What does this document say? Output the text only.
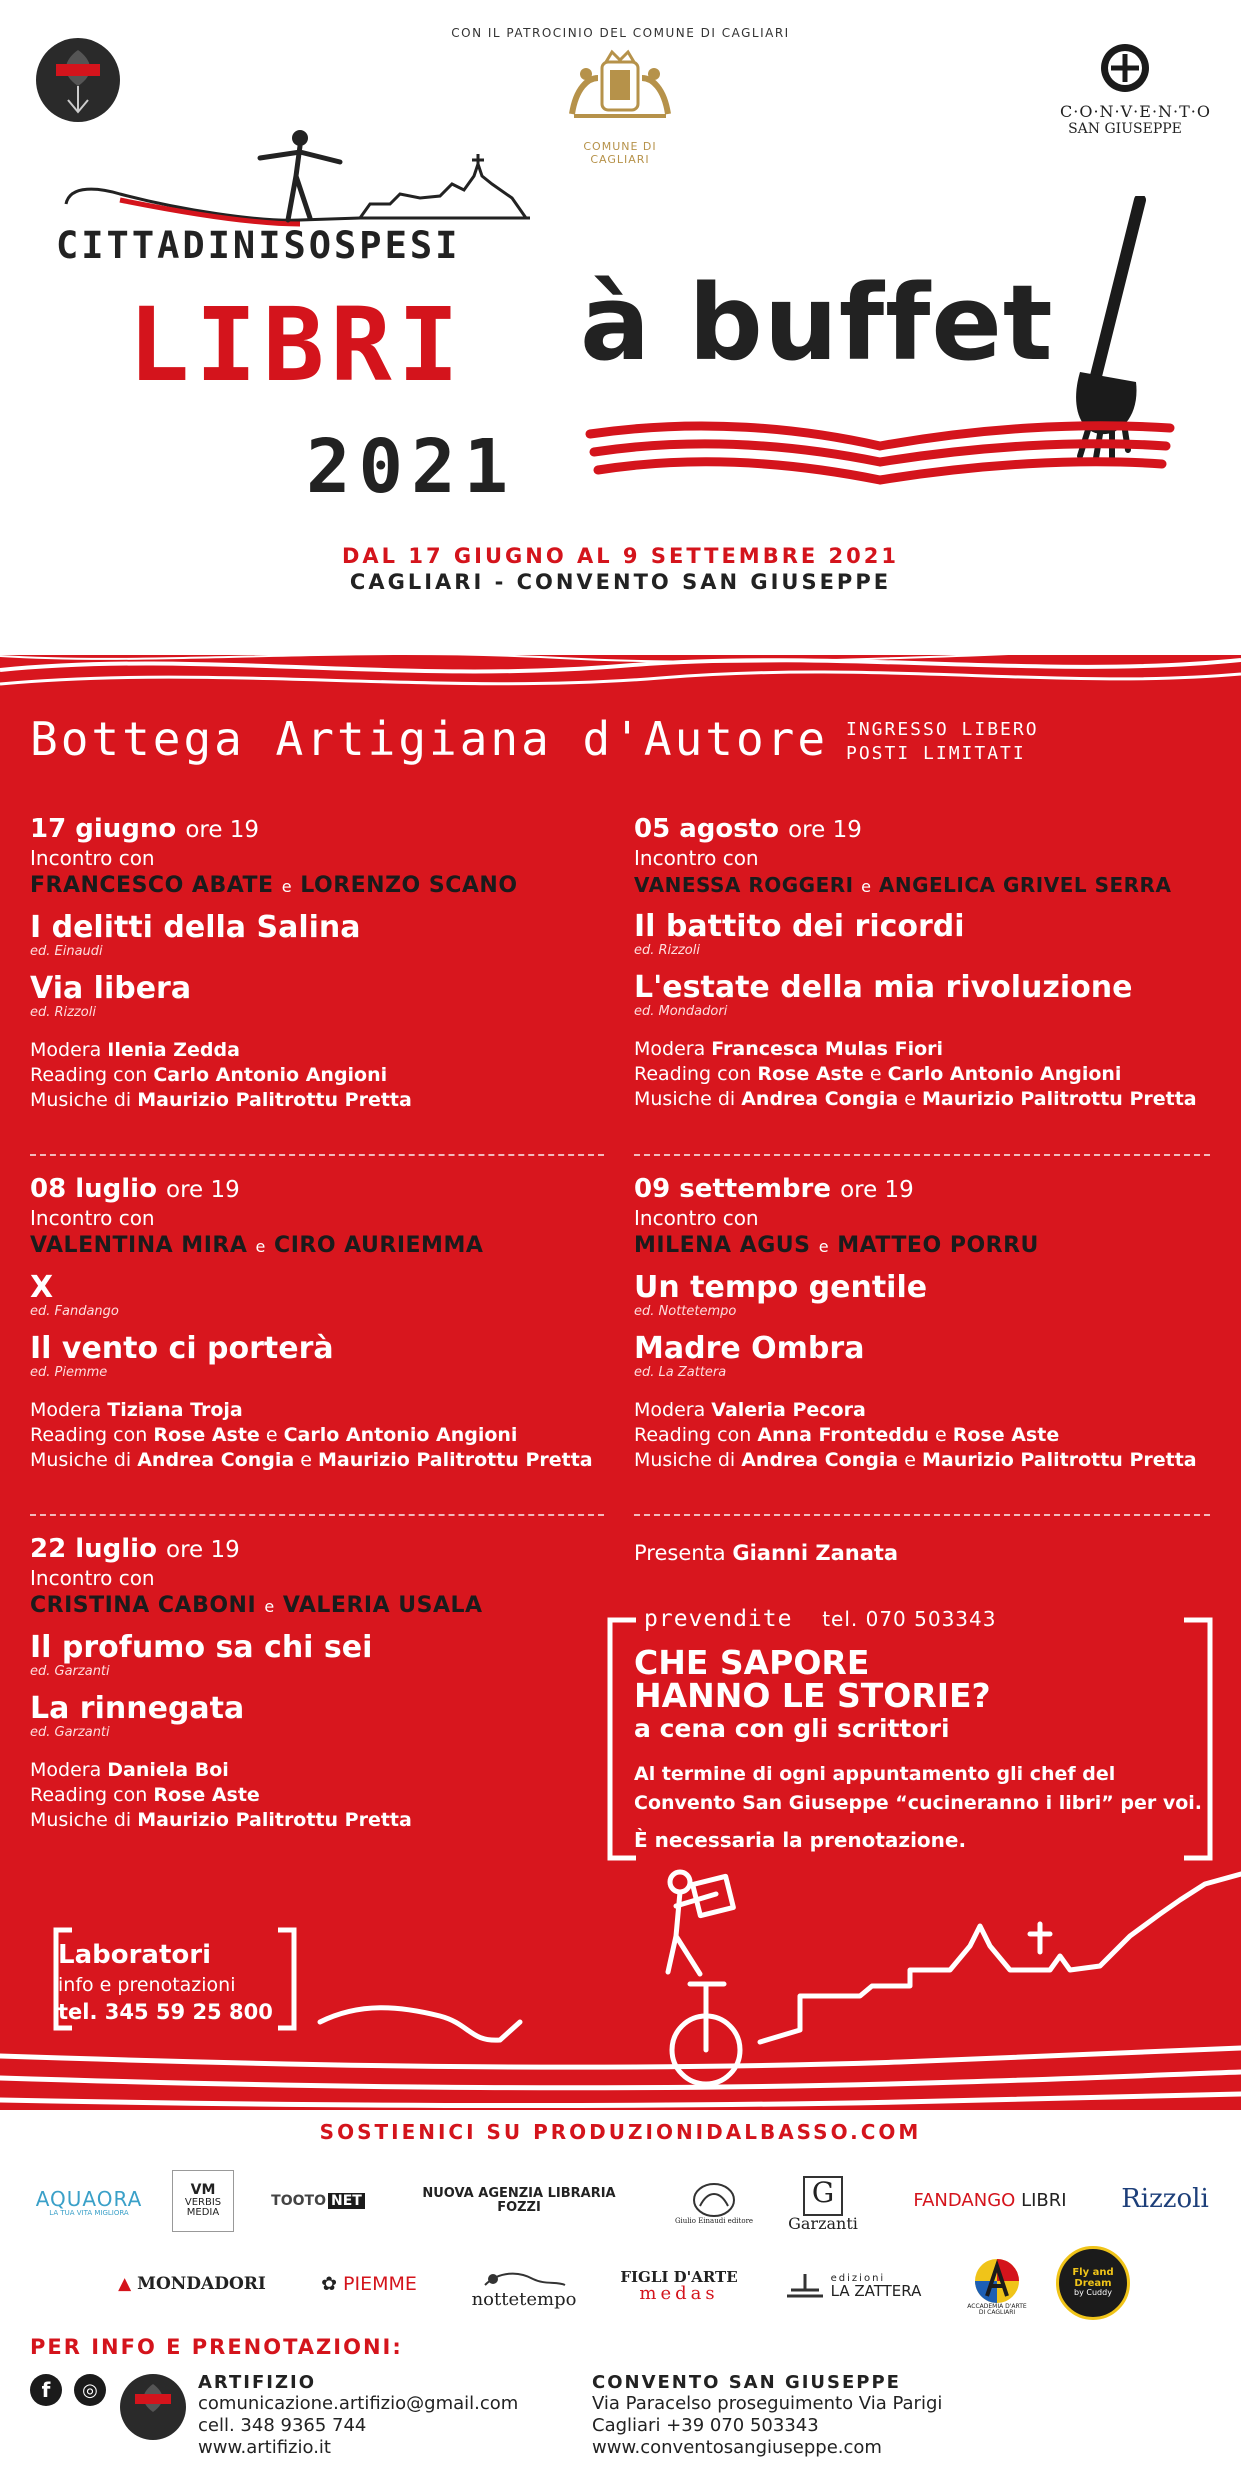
CON IL PATROCINIO DEL COMUNE DI CAGLIARI
COMUNE DI CAGLIARI
C·O·N·V·E·N·T·O
SAN GIUSEPPE
CITTADINISOSPESI
LIBRI à buffet
2021
DAL 17 GIUGNO AL 9 SETTEMBRE 2021
CAGLIARI - CONVENTO SAN GIUSEPPE
Bottega Artigiana d'Autore INGRESSO LIBERO
POSTI LIMITATI
17 giugno ore 19
Incontro con
FRANCESCO ABATE e LORENZO SCANO
I delitti della Salina
ed. Einaudi
Via libera
ed. Rizzoli
Modera Ilenia Zedda
Reading con Carlo Antonio Angioni
Musiche di Maurizio Palitrottu Pretta
05 agosto ore 19
Incontro con
VANESSA ROGGERI e ANGELICA GRIVEL SERRA
Il battito dei ricordi
ed. Rizzoli
L'estate della mia rivoluzione
ed. Mondadori
Modera Francesca Mulas Fiori
Reading con Rose Aste e Carlo Antonio Angioni
Musiche di Andrea Congia e Maurizio Palitrottu Pretta
08 luglio ore 19
Incontro con
VALENTINA MIRA e CIRO AURIEMMA
X
ed. Fandango
Il vento ci porterà
ed. Piemme
Modera Tiziana Troja
Reading con Rose Aste e Carlo Antonio Angioni
Musiche di Andrea Congia e Maurizio Palitrottu Pretta
09 settembre ore 19
Incontro con
MILENA AGUS e MATTEO PORRU
Un tempo gentile
ed. Nottetempo
Madre Ombra
ed. La Zattera
Modera Valeria Pecora
Reading con Anna Fronteddu e Rose Aste
Musiche di Andrea Congia e Maurizio Palitrottu Pretta
22 luglio ore 19
Incontro con
CRISTINA CABONI e VALERIA USALA
Il profumo sa chi sei
ed. Garzanti
La rinnegata
ed. Garzanti
Modera Daniela Boi
Reading con Rose Aste
Musiche di Maurizio Palitrottu Pretta
Presenta Gianni Zanata
prevendite tel. 070 503343
CHE SAPORE
HANNO LE STORIE?
a cena con gli scrittori
Al termine di ogni appuntamento gli chef del
Convento San Giuseppe “cucineranno i libri” per voi.
È necessaria la prenotazione.
Laboratori
info e prenotazioni
tel. 345 59 25 800
SOSTIENICI SU PRODUZIONIDALBASSO.COM
AQUAORA
LA TUA VITA MIGLIORA
VM
VERBIS
MEDIA
TOOTO NET	NUOVA AGENZIA LIBRARIA FOZZI
Giulio Einaudi editore
G
Garzanti
FANDANGO
LIBRI	Rizzoli
▲
MONDADORI	✿
PIEMME
nottetempo
FIGLI D'ARTE
medas
edizioni
LA ZATTERA
ACCADEMIA D'ARTE
DI CAGLIARI
Fly and Dream
by Cuddy
PER INFO E PRENOTAZIONI:
f	◎	ARTIFIZIO
comunicazione.artifizio@gmail.com
cell. 348 9365 744
www.artifizio.it
CONVENTO SAN GIUSEPPE
Via Paracelso proseguimento Via Parigi
Cagliari +39 070 503343
www.conventosangiuseppe.com
